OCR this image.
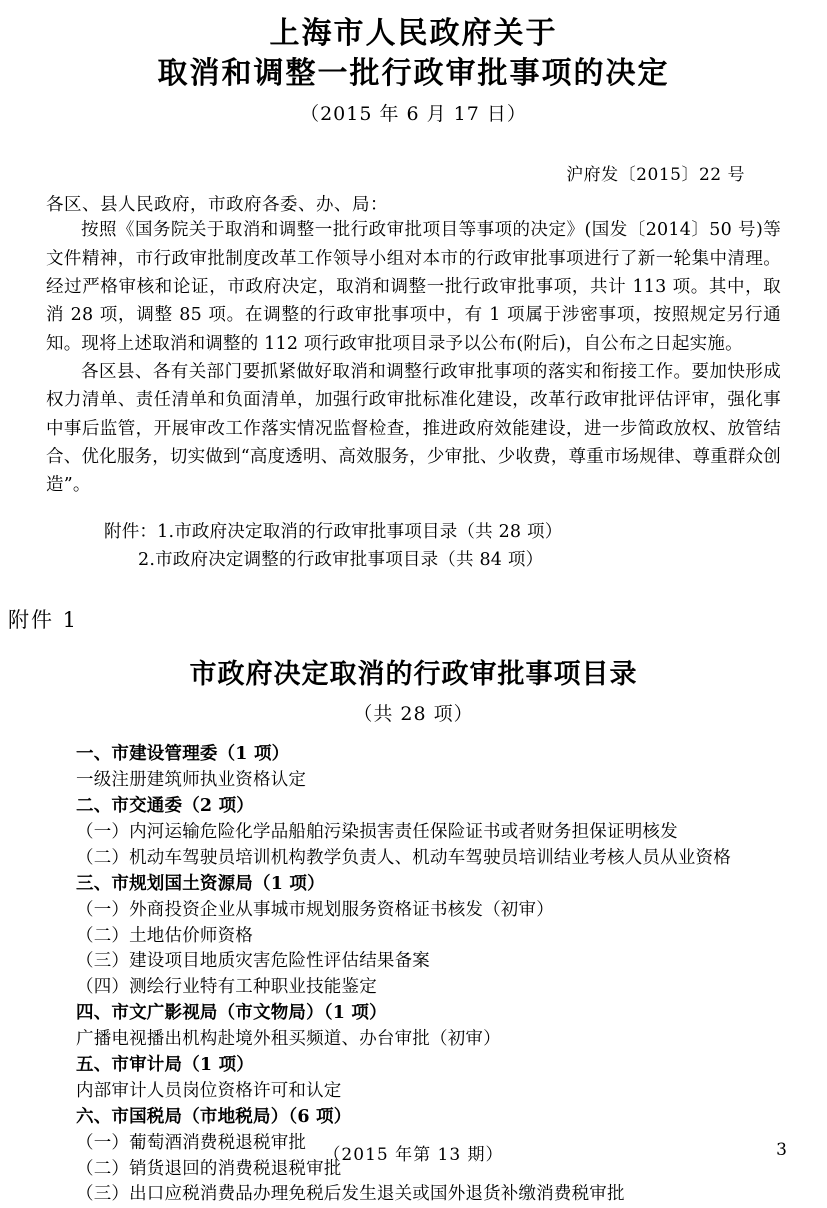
上海市人民政府关于
取消和调整一批行政审批事项的决定
（2015 年 6 月 17 日）
沪府发〔2015〕22 号
各区、县人民政府，市政府各委、办、局：

按照《国务院关于取消和调整一批行政审批项目等事项的决定》(国发〔2014〕50 号)等文件精神，市行政审批制度改革工作领导小组对本市的行政审批事项进行了新一轮集中清理。经过严格审核和论证，市政府决定，取消和调整一批行政审批事项，共计 113 项。其中，取消 28 项，调整 85 项。在调整的行政审批事项中，有 1 项属于涉密事项，按照规定另行通知。现将上述取消和调整的 112 项行政审批项目录予以公布(附后)，自公布之日起实施。

各区县、各有关部门要抓紧做好取消和调整行政审批事项的落实和衔接工作。要加快形成权力清单、责任清单和负面清单，加强行政审批标准化建设，改革行政审批评估评审，强化事中事后监管，开展审改工作落实情况监督检查，推进政府效能建设，进一步简政放权、放管结合、优化服务，切实做到“高度透明、高效服务，少审批、少收费，尊重市场规律、尊重群众创造”。

附件：1.市政府决定取消的行政审批事项目录（共 28 项）
2.市政府决定调整的行政审批事项目录（共 84 项）
附件 1
市政府决定取消的行政审批事项目录
（共 28 项）
一、市建设管理委（1 项）
一级注册建筑师执业资格认定
二、市交通委（2 项）
（一）内河运输危险化学品船舶污染损害责任保险证书或者财务担保证明核发
（二）机动车驾驶员培训机构教学负责人、机动车驾驶员培训结业考核人员从业资格
三、市规划国土资源局（1 项）
（一）外商投资企业从事城市规划服务资格证书核发（初审）
（二）土地估价师资格
（三）建设项目地质灾害危险性评估结果备案
（四）测绘行业特有工种职业技能鉴定
四、市文广影视局（市文物局）（1 项）
广播电视播出机构赴境外租买频道、办台审批（初审）
五、市审计局（1 项）
内部审计人员岗位资格许可和认定
六、市国税局（市地税局）（6 项）
（一）葡萄酒消费税退税审批
（二）销货退回的消费税退税审批
（三）出口应税消费品办理免税后发生退关或国外退货补缴消费税审批
（2015 年第 13 期）	3
